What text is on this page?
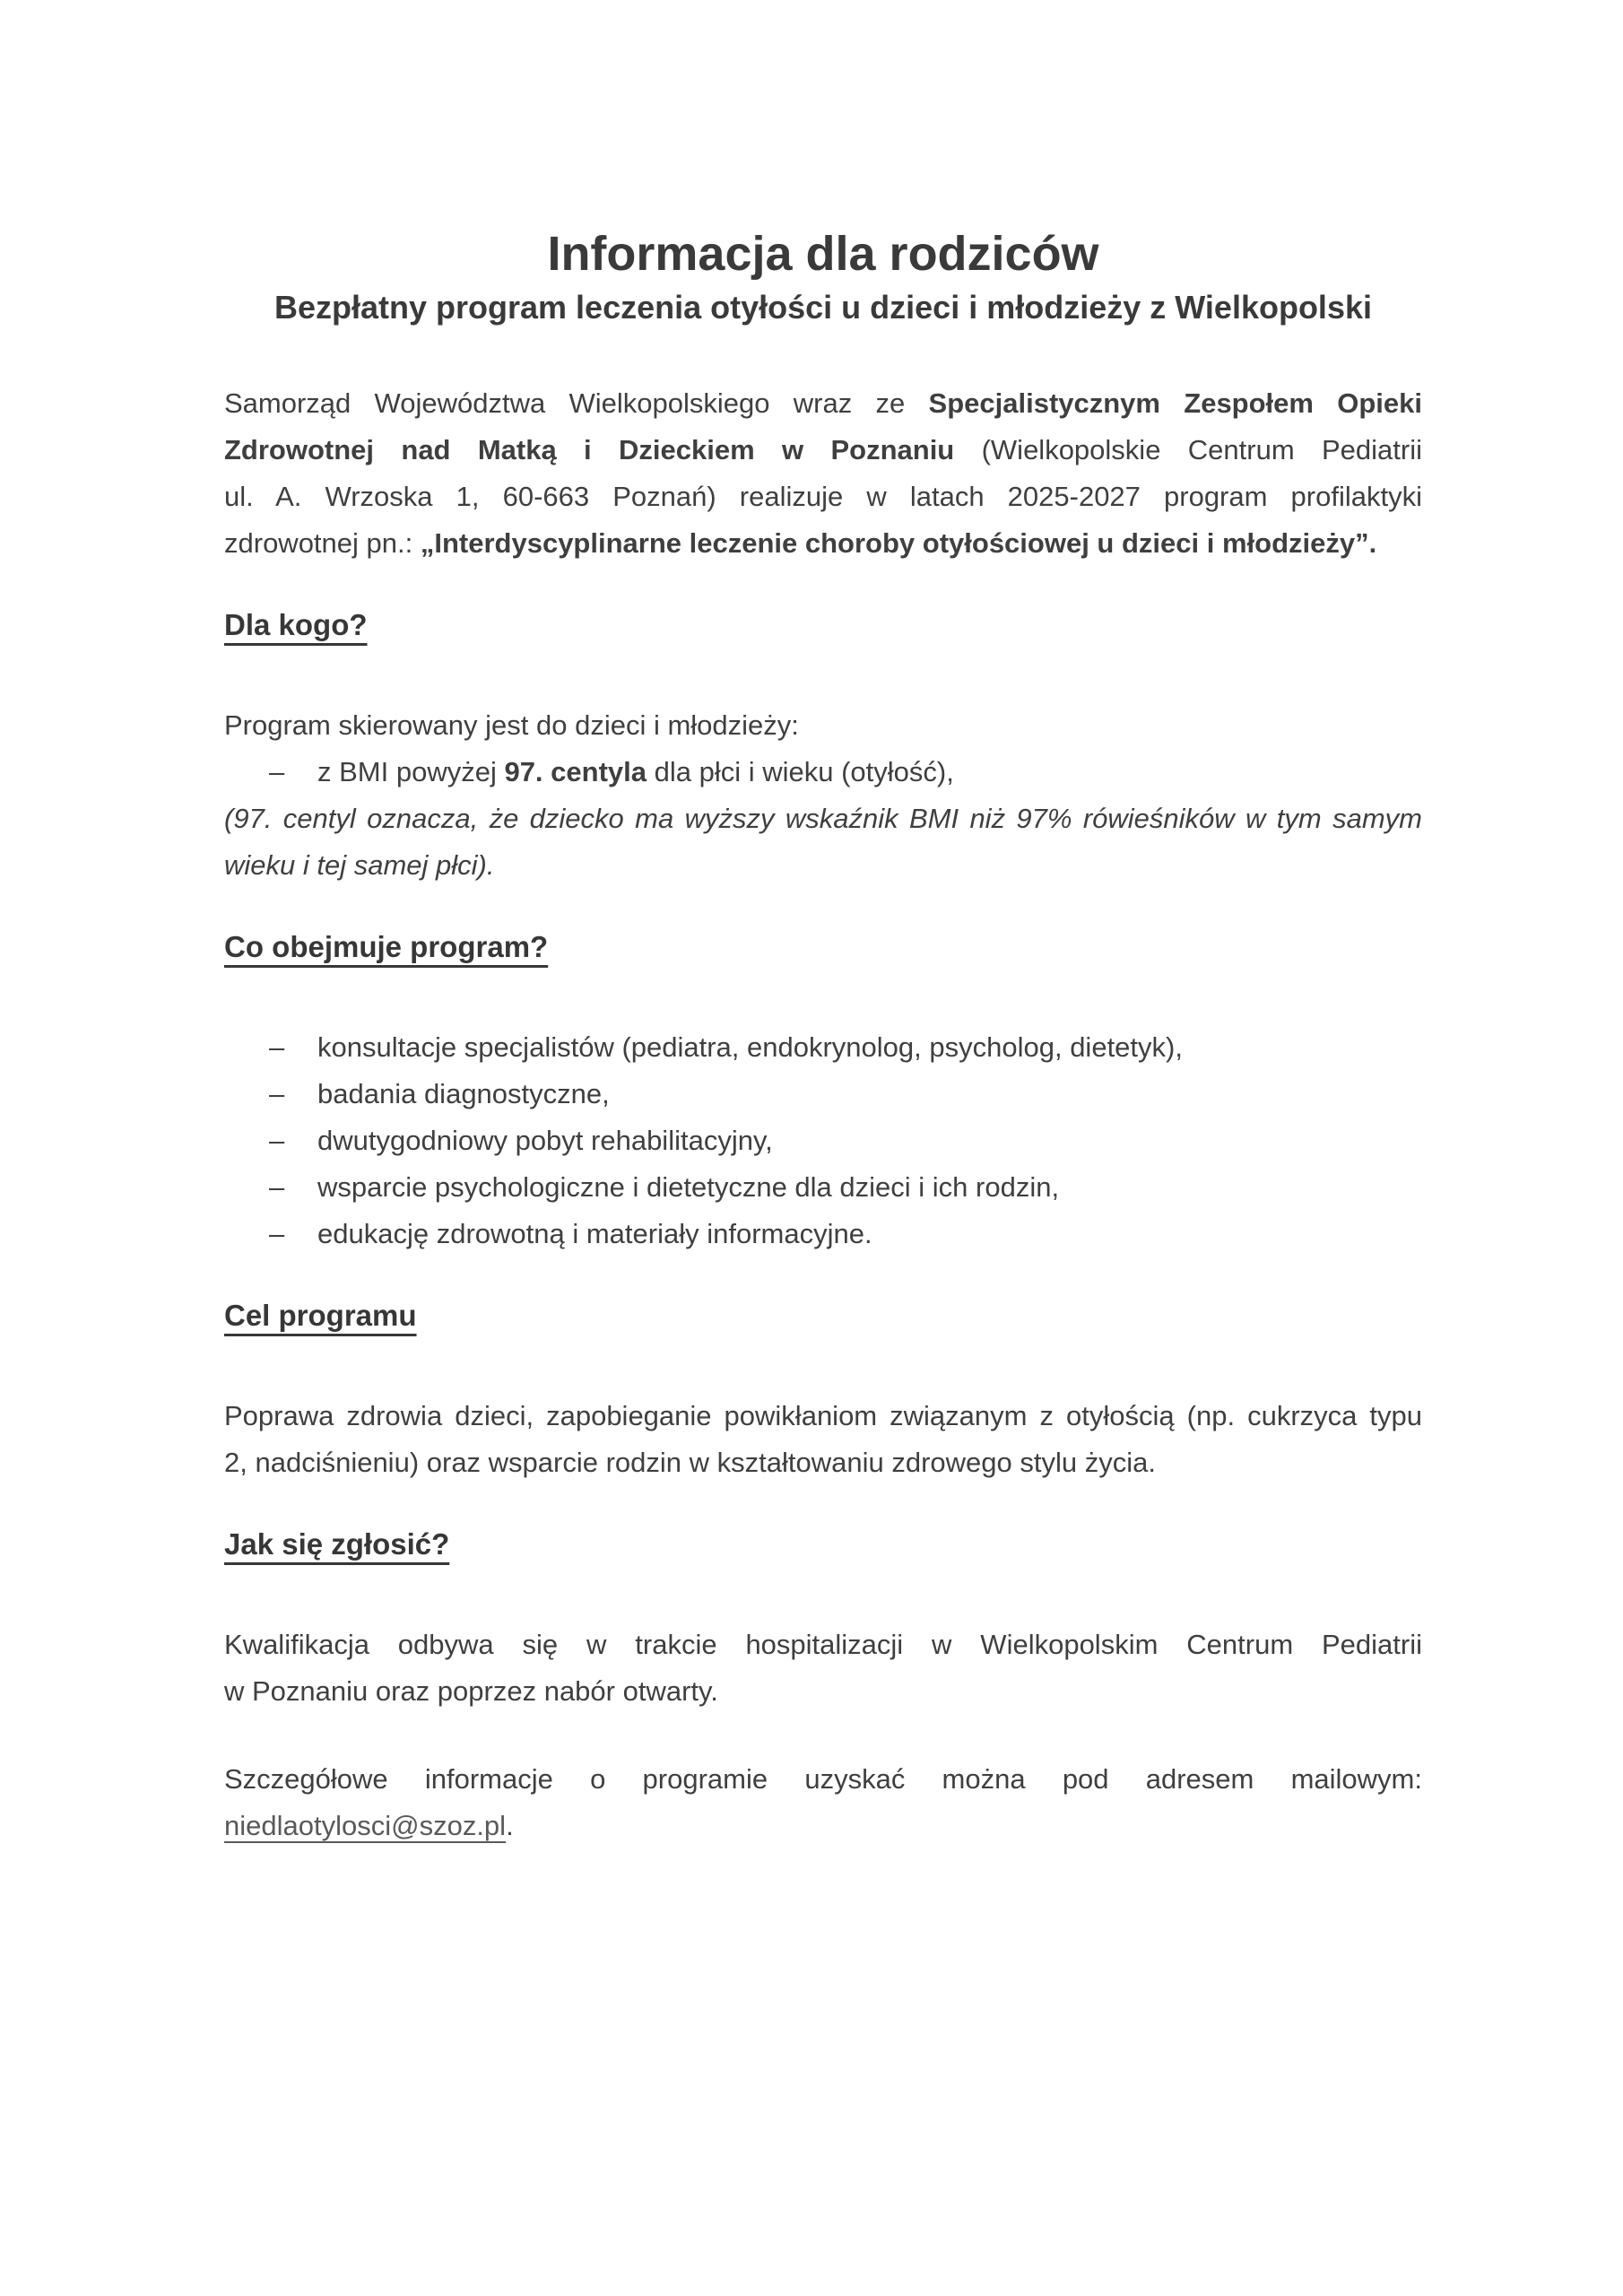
Informacja dla rodziców
Bezpłatny program leczenia otyłości u dzieci i młodzieży z Wielkopolski
Samorząd Województwa Wielkopolskiego wraz ze Specjalistycznym Zespołem Opieki
Zdrowotnej nad Matką i Dzieckiem w Poznaniu (Wielkopolskie Centrum Pediatrii
ul. A. Wrzoska 1, 60-663 Poznań) realizuje w latach 2025-2027 program profilaktyki
zdrowotnej pn.: „Interdyscyplinarne leczenie choroby otyłościowej u dzieci i młodzieży”.
Dla kogo?
Program skierowany jest do dzieci i młodzieży:
– z BMI powyżej 97. centyla dla płci i wieku (otyłość),
(97. centyl oznacza, że dziecko ma wyższy wskaźnik BMI niż 97% rówieśników w tym samym
wieku i tej samej płci).
Co obejmuje program?
– konsultacje specjalistów (pediatra, endokrynolog, psycholog, dietetyk),
– badania diagnostyczne,
– dwutygodniowy pobyt rehabilitacyjny,
– wsparcie psychologiczne i dietetyczne dla dzieci i ich rodzin,
– edukację zdrowotną i materiały informacyjne.
Cel programu
Poprawa zdrowia dzieci, zapobieganie powikłaniom związanym z otyłością (np. cukrzyca typu
2, nadciśnieniu) oraz wsparcie rodzin w kształtowaniu zdrowego stylu życia.
Jak się zgłosić?
Kwalifikacja odbywa się w trakcie hospitalizacji w Wielkopolskim Centrum Pediatrii
w Poznaniu oraz poprzez nabór otwarty.
Szczegółowe informacje o programie uzyskać można pod adresem mailowym:
niedlaotylosci@szoz.pl.
